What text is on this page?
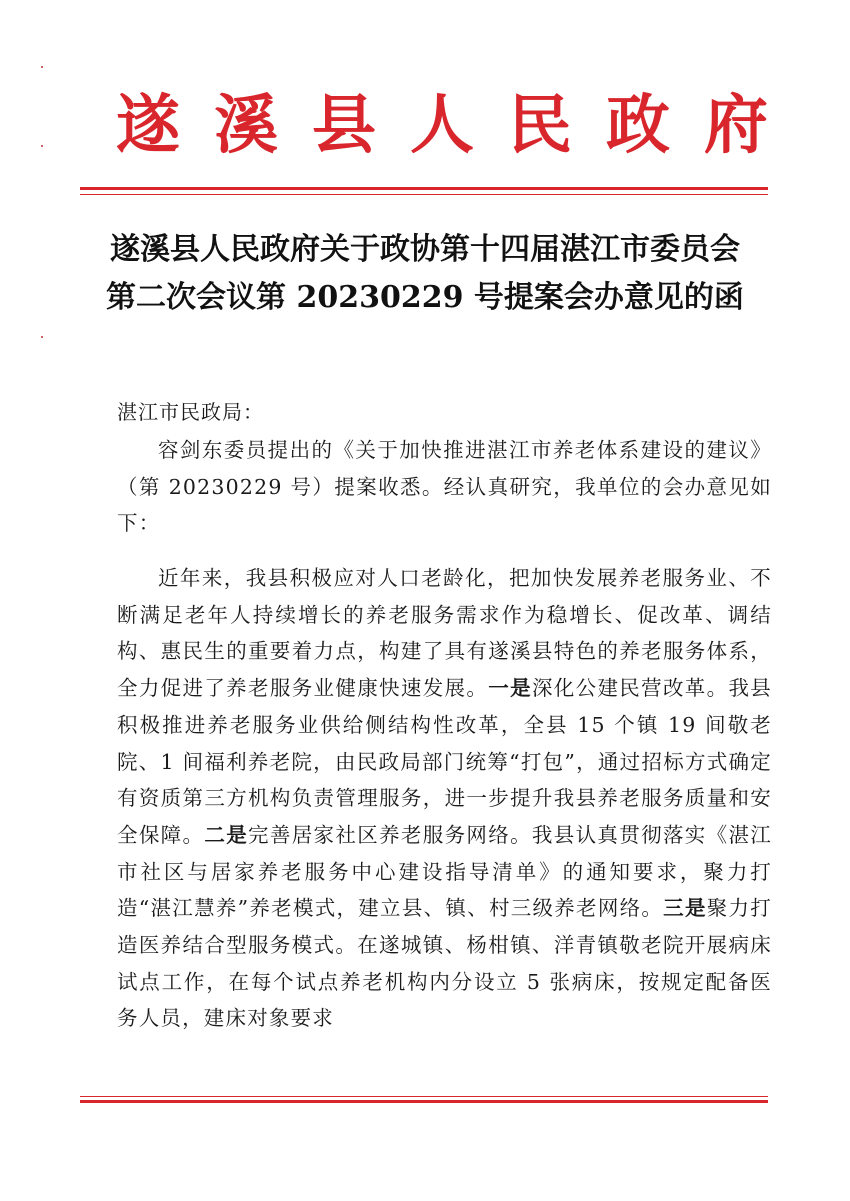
遂溪县人民政府
遂溪县人民政府关于政协第十四届湛江市委员会
第二次会议第 20230229 号提案会办意见的函
湛江市民政局：
容剑东委员提出的《关于加快推进湛江市养老体系建设的建议》（第 20230229 号）提案收悉。经认真研究，我单位的会办意见如下：
近年来，我县积极应对人口老龄化，把加快发展养老服务业、不断满足老年人持续增长的养老服务需求作为稳增长、促改革、调结构、惠民生的重要着力点，构建了具有遂溪县特色的养老服务体系，全力促进了养老服务业健康快速发展。一是深化公建民营改革。我县积极推进养老服务业供给侧结构性改革，全县 15 个镇 19 间敬老院、1 间福利养老院，由民政局部门统筹“打包”，通过招标方式确定有资质第三方机构负责管理服务，进一步提升我县养老服务质量和安全保障。二是完善居家社区养老服务网络。我县认真贯彻落实《湛江市社区与居家养老服务中心建设指导清单》的通知要求，聚力打造“湛江慧养”养老模式，建立县、镇、村三级养老网络。三是聚力打造医养结合型服务模式。在遂城镇、杨柑镇、洋青镇敬老院开展病床试点工作，在每个试点养老机构内分设立 5 张病床，按规定配备医务人员，建床对象要求
